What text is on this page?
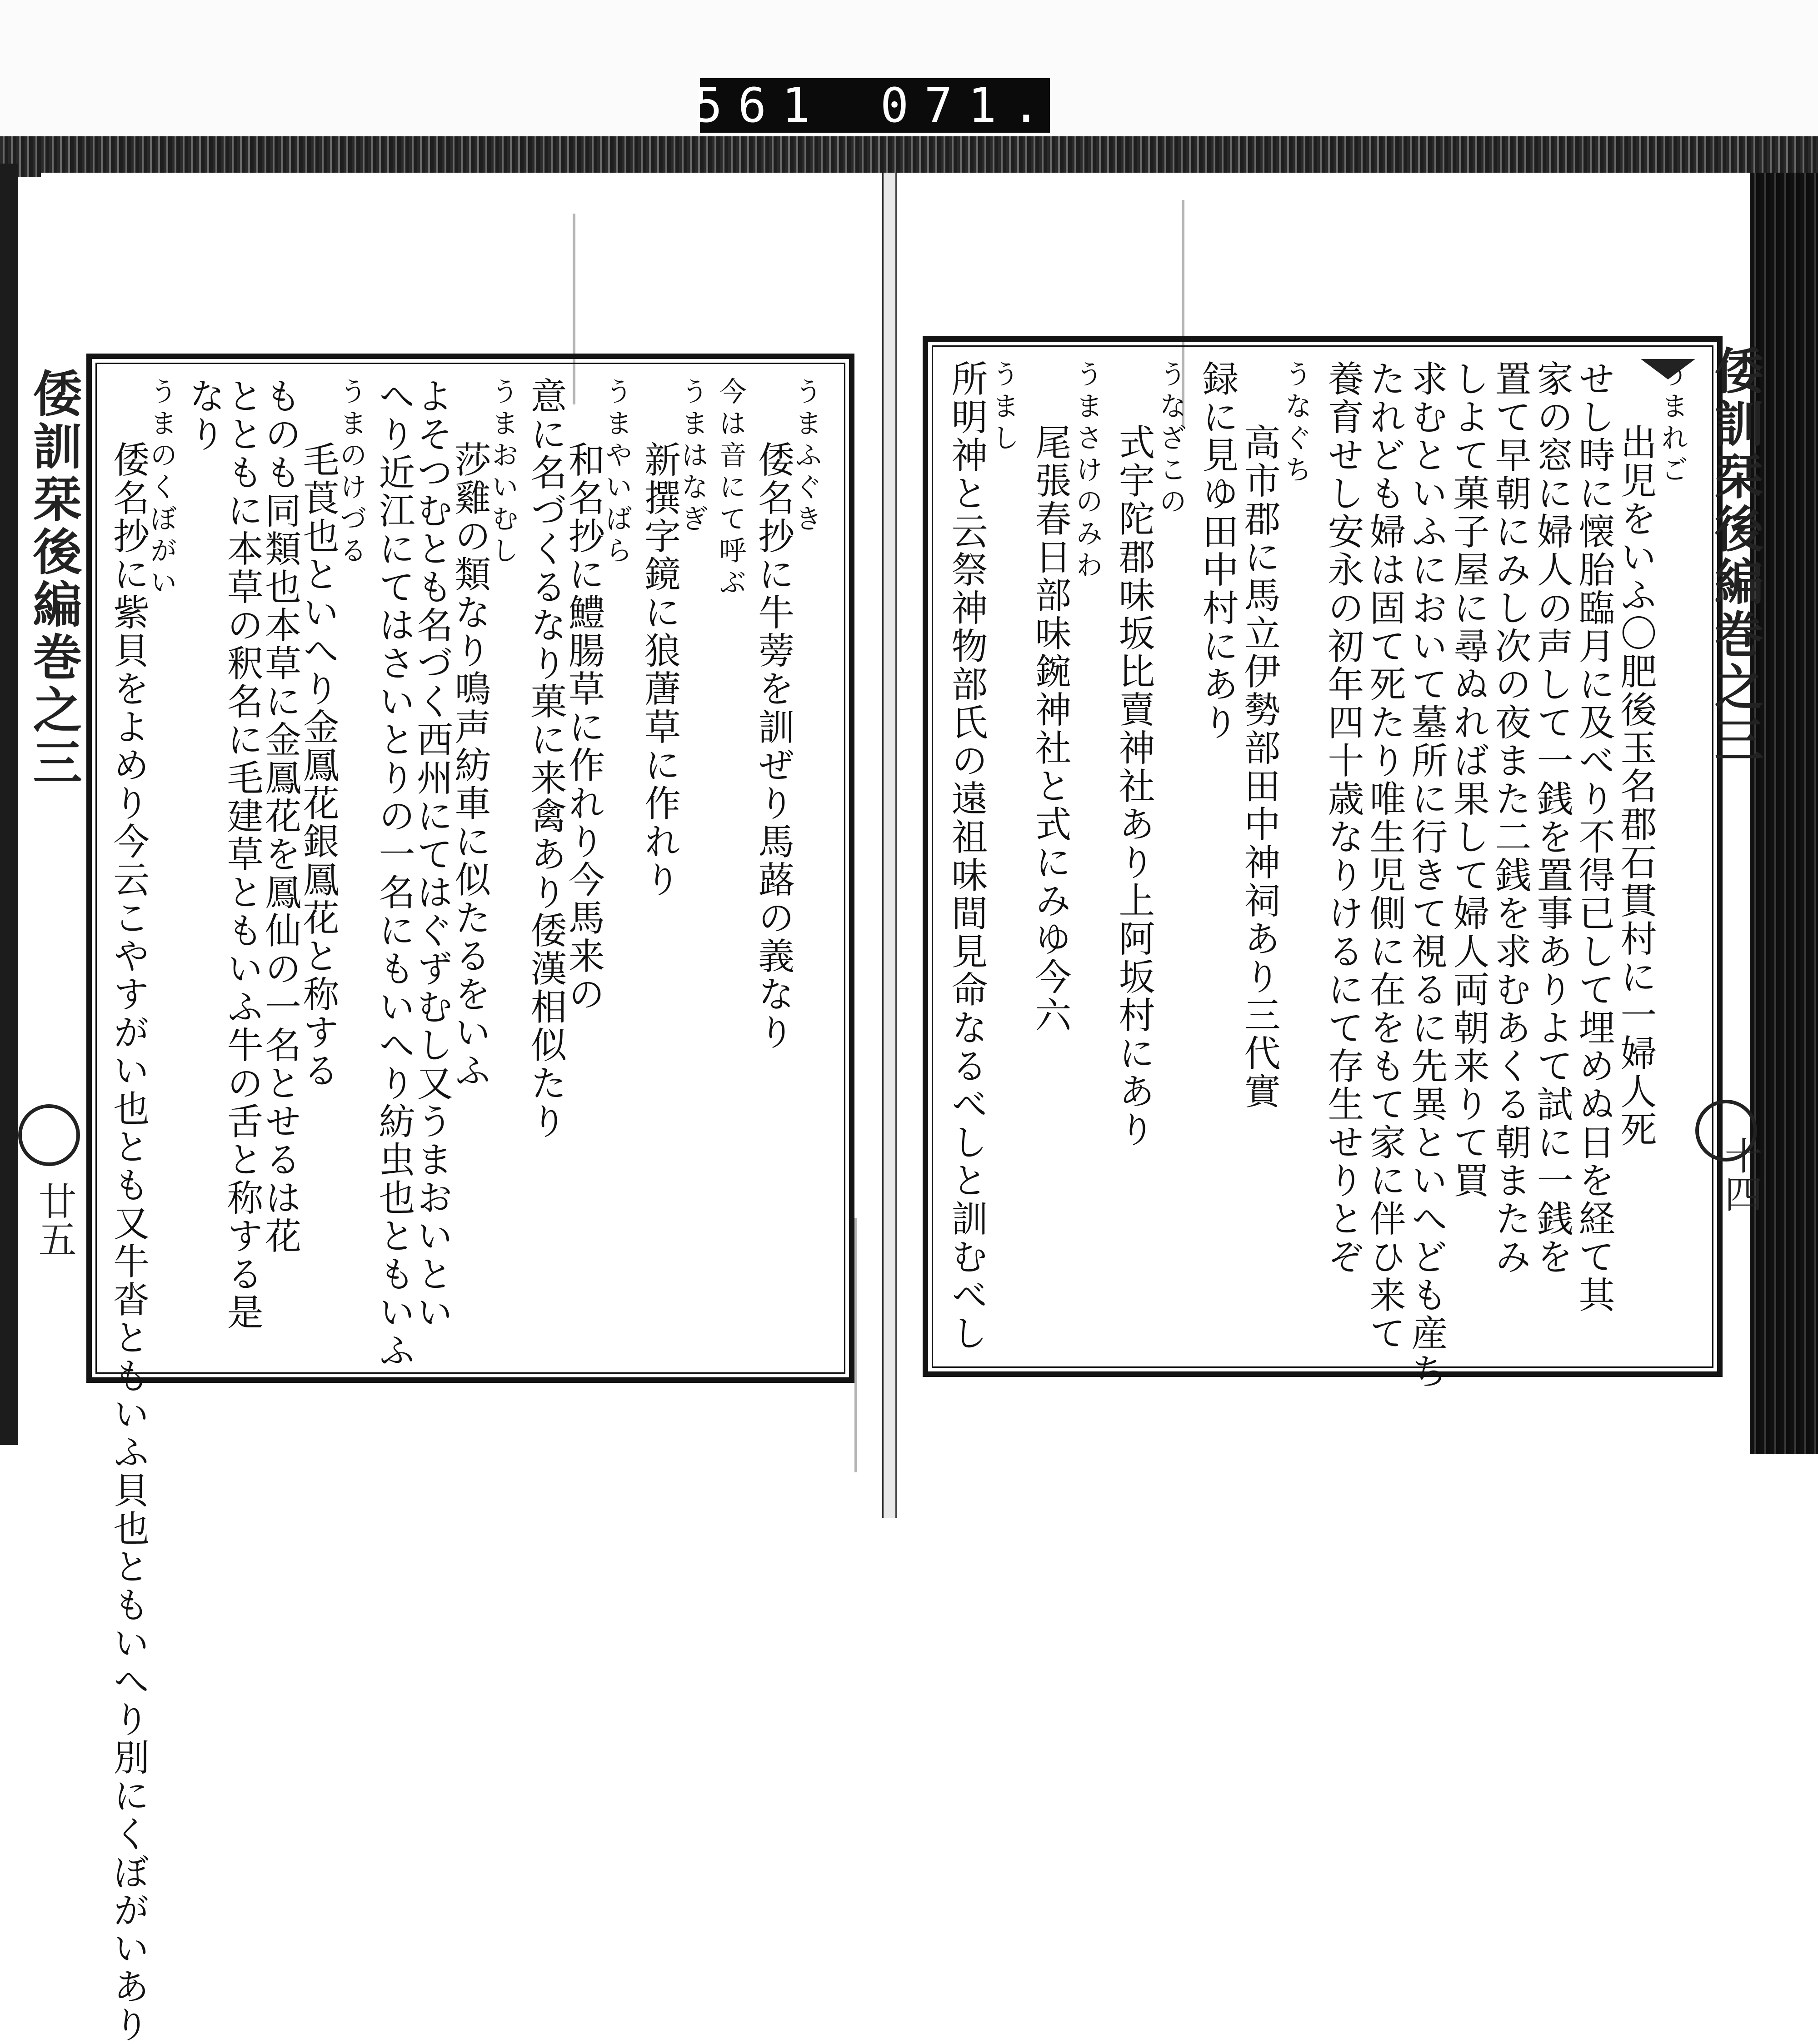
561 071.
うまふぐき
倭名抄に牛蒡を訓ぜり馬蕗の義なり
今は音にて呼ぶ
うまはなぎ
新撰字鏡に狼蓎草に作れり
うまやいばら
和名抄に鱧腸草に作れり今馬来の
意に名づくるなり菓に来禽あり倭漢相似たり
うまおいむし
莎雞の類なり鳴声紡車に似たるをいふ
よそつむとも名づく西州にてはぐずむし又うまおいとい
へり近江にてはさいとりの一名にもいへり紡虫也ともいふ
うまのけづる
毛莨也といへり金鳳花銀鳳花と称する
ものも同類也本草に金鳳花を鳳仙の一名とせるは花
とともに本草の釈名に毛建草ともいふ牛の舌と称する是
なり
うまのくぼがい
倭名抄に紫貝をよめり今云こやすがい也とも又牛沓ともいふ貝也ともいへり別にくぼがいあり
うまれご
出児をいふ〇肥後玉名郡石貫村に一婦人死
せし時に懐胎臨月に及べり不得已して埋めぬ日を経て其
家の窓に婦人の声して一銭を置事ありよて試に一銭を
置て早朝にみし次の夜また二銭を求むあくる朝またみ
しよて菓子屋に尋ぬれば果して婦人両朝来りて買
求むといふにおいて墓所に行きて視るに先異といへども産ち
たれども婦は固て死たり唯生児側に在をもて家に伴ひ来て
養育せし安永の初年四十歳なりけるにて存生せりとぞ
うなぐち
高市郡に馬立伊勢部田中神祠あり三代實
録に見ゆ田中村にあり
うなざこの
式宇陀郡味坂比賣神社あり上阿坂村にあり
うまさけのみわ
尾張春日部味鋺神社と式にみゆ今六
うまし
所明神と云祭神物部氏の遠祖味間見命なるべしと訓むべし
倭訓栞後編巻之三
廿五
倭訓栞後編巻之三
十四
